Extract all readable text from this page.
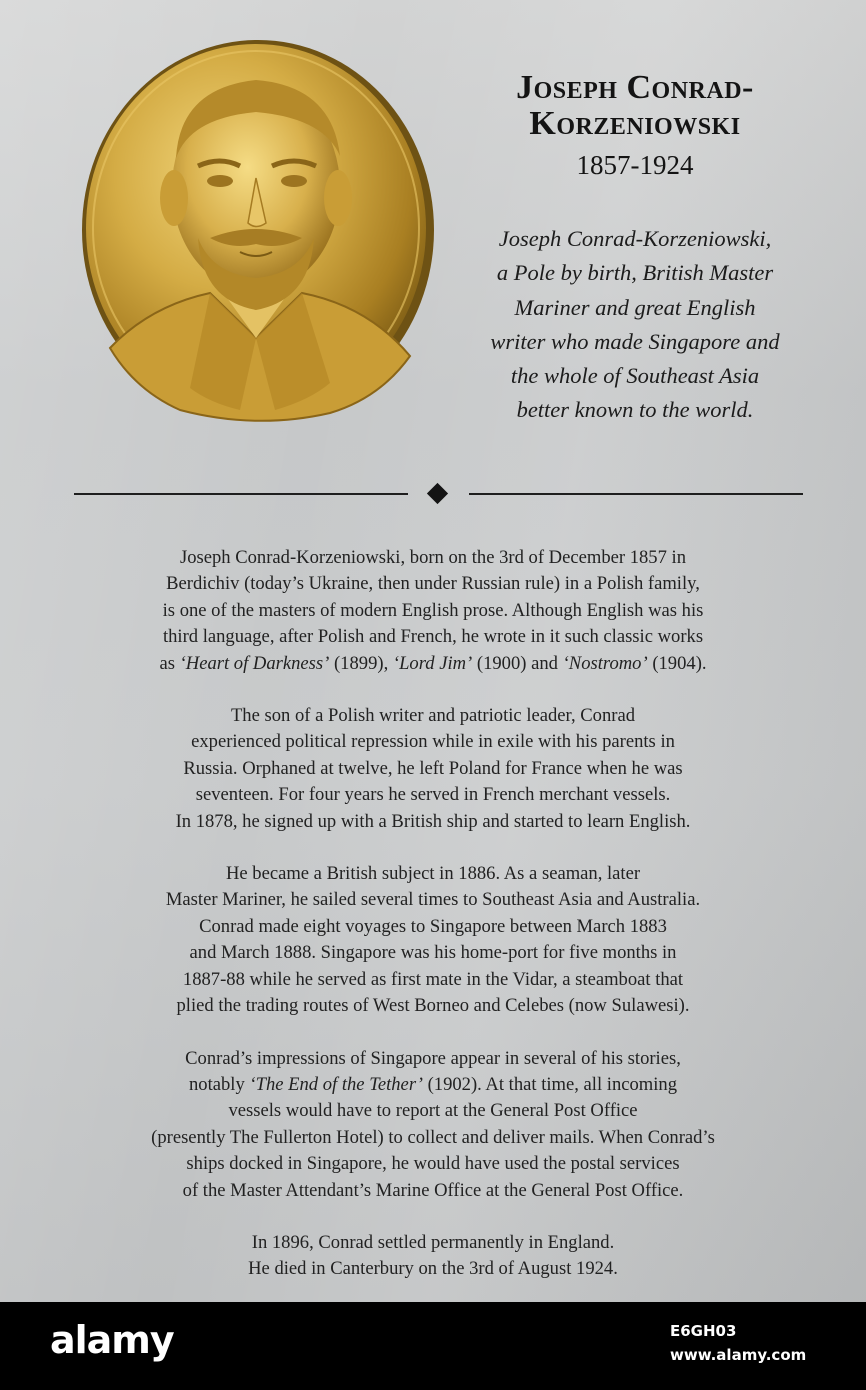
Joseph Conrad-
Korzeniowski
1857-1924
Joseph Conrad-Korzeniowski,
a Pole by birth, British Master
Mariner and great English
writer who made Singapore and
the whole of Southeast Asia
better known to the world.

Joseph Conrad-Korzeniowski, born on the 3rd of December 1857 in
Berdichiv (today’s Ukraine, then under Russian rule) in a Polish family,
is one of the masters of modern English prose. Although English was his
third language, after Polish and French, he wrote in it such classic works
as ‘Heart of Darkness’ (1899), ‘Lord Jim’ (1900) and ‘Nostromo’ (1904).

The son of a Polish writer and patriotic leader, Conrad
experienced political repression while in exile with his parents in
Russia. Orphaned at twelve, he left Poland for France when he was
seventeen. For four years he served in French merchant vessels.
In 1878, he signed up with a British ship and started to learn English.

He became a British subject in 1886. As a seaman, later
Master Mariner, he sailed several times to Southeast Asia and Australia.
Conrad made eight voyages to Singapore between March 1883
and March 1888. Singapore was his home-port for five months in
1887-88 while he served as first mate in the Vidar, a steamboat that
plied the trading routes of West Borneo and Celebes (now Sulawesi).

Conrad’s impressions of Singapore appear in several of his stories,
notably ‘The End of the Tether’ (1902). At that time, all incoming
vessels would have to report at the General Post Office
(presently The Fullerton Hotel) to collect and deliver mails. When Conrad’s
ships docked in Singapore, he would have used the postal services
of the Master Attendant’s Marine Office at the General Post Office.

In 1896, Conrad settled permanently in England.
He died in Canterbury on the 3rd of August 1924.

alamy	E6GH03
www.alamy.com
